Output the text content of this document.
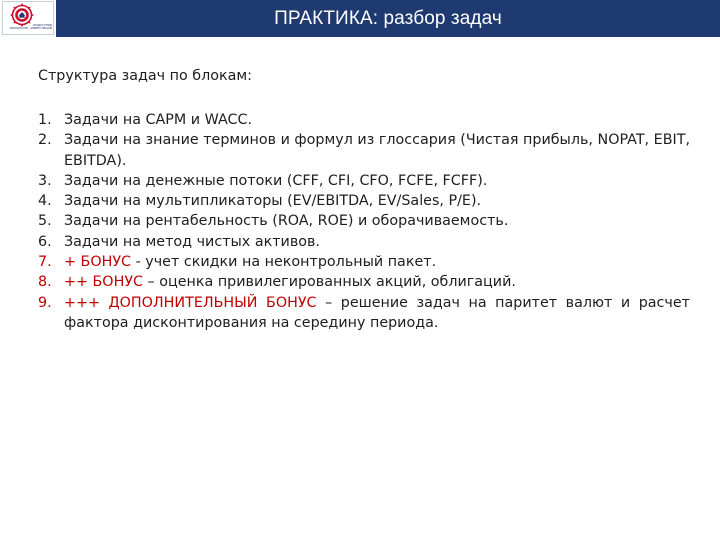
ИНДУСТРИЯ
ФИНАНСОВ · ИНВЕСТИЦИЙ	ПРАКТИКА: разбор задач
Структура задач по блокам:
1. Задачи на CAPM и WACC.
2. Задачи на знание терминов и формул из глоссария (Чистая прибыль, NOPAT, EBIT, EBITDA).
3. Задачи на денежные потоки (CFF, CFI, CFO, FCFE, FCFF).
4. Задачи на мультипликаторы (EV/EBITDA, EV/Sales, P/E).
5. Задачи на рентабельность (ROA, ROE) и оборачиваемость.
6. Задачи на метод чистых активов.
7. + БОНУС - учет скидки на неконтрольный пакет.
8. ++ БОНУС – оценка привилегированных акций, облигаций.
9. +++ ДОПОЛНИТЕЛЬНЫЙ БОНУС – решение задач на паритет валют и расчет фактора дисконтирования на середину периода.
